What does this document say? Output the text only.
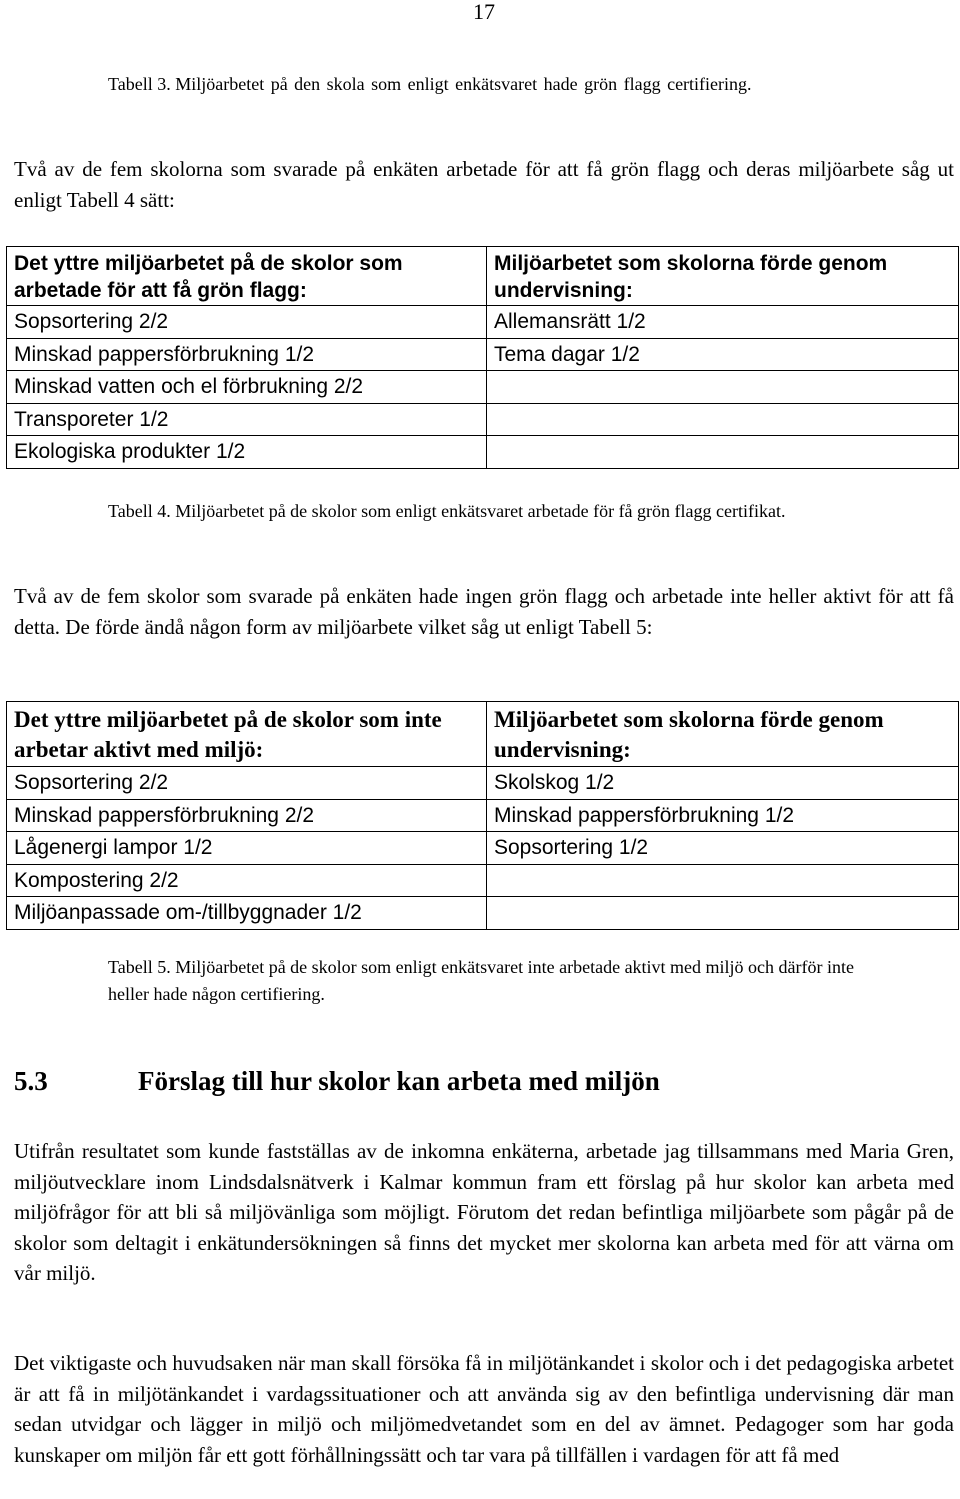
17
Tabell 3. Miljöarbetet på den skola som enligt enkätsvaret hade grön flagg certifiering.

Två av de fem skolorna som svarade på enkäten arbetade för att få grön flagg och deras miljöarbete såg ut enligt Tabell 4 sätt:

Det yttre miljöarbetet på de skolor som arbetade för att få grön flagg:	Miljöarbetet som skolorna förde genom undervisning:
Sopsortering 2/2	Allemansrätt 1/2
Minskad pappersförbrukning 1/2	Tema dagar 1/2
Minskad vatten och el förbrukning 2/2	
Transporeter 1/2	
Ekologiska produkter 1/2	
Tabell 4. Miljöarbetet på de skolor som enligt enkätsvaret arbetade för få grön flagg certifikat.

Två av de fem skolor som svarade på enkäten hade ingen grön flagg och arbetade inte heller aktivt för att få detta. De förde ändå någon form av miljöarbete vilket såg ut enligt Tabell 5:

Det yttre miljöarbetet på de skolor som inte arbetar aktivt med miljö:	Miljöarbetet som skolorna förde genom undervisning:
Sopsortering 2/2	Skolskog 1/2
Minskad pappersförbrukning 2/2	Minskad pappersförbrukning 1/2
Lågenergi lampor 1/2	Sopsortering 1/2
Kompostering 2/2	
Miljöanpassade om-/tillbyggnader 1/2	
Tabell 5. Miljöarbetet på de skolor som enligt enkätsvaret inte arbetade aktivt med miljö och därför inte heller hade någon certifiering.
5.3	Förslag till hur skolor kan arbeta med miljön

Utifrån resultatet som kunde fastställas av de inkomna enkäterna, arbetade jag tillsammans med Maria Gren, miljöutvecklare inom Lindsdalsnätverk i Kalmar kommun fram ett förslag på hur skolor kan arbeta med miljöfrågor för att bli så miljövänliga som möjligt. Förutom det redan befintliga miljöarbete som pågår på de skolor som deltagit i enkätundersökningen så finns det mycket mer skolorna kan arbeta med för att värna om vår miljö.

Det viktigaste och huvudsaken när man skall försöka få in miljötänkandet i skolor och i det pedagogiska arbetet är att få in miljötänkandet i vardagssituationer och att använda sig av den befintliga undervisning där man sedan utvidgar och lägger in miljö och miljömedvetandet som en del av ämnet. Pedagoger som har goda kunskaper om miljön får ett gott förhållningssätt och tar vara på tillfällen i vardagen för att få med
